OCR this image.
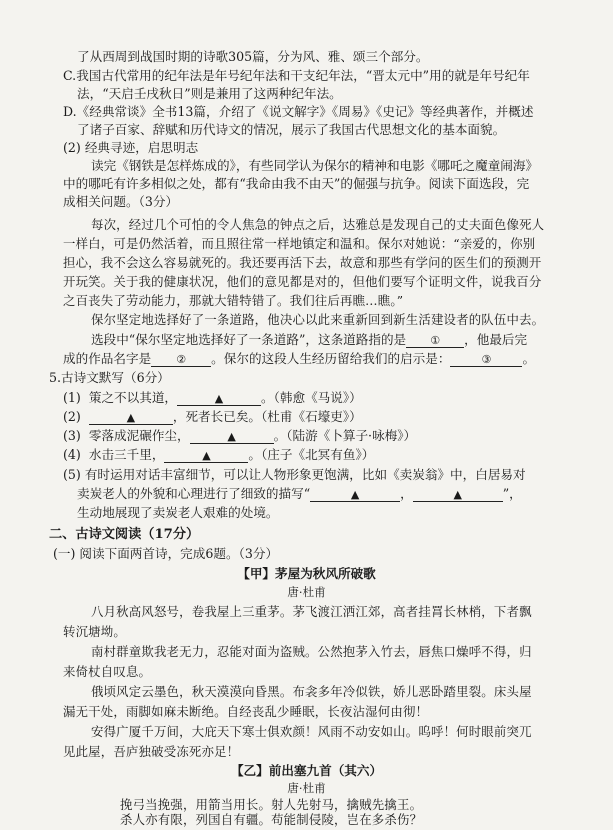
了从西周到战国时期的诗歌305篇，分为风、雅、颂三个部分。
C.我国古代常用的纪年法是年号纪年法和干支纪年法，“晋太元中”用的就是年号纪年
法，“天启壬戌秋日”则是兼用了这两种纪年法。
D.《经典常谈》全书13篇，介绍了《说文解字》《周易》《史记》等经典著作，并概述
了诸子百家、辞赋和历代诗文的情况，展示了我国古代思想文化的基本面貌。
(2) 经典寻迹，启思明志
读完《钢铁是怎样炼成的》，有些同学认为保尔的精神和电影《哪吒之魔童闹海》
中的哪吒有许多相似之处，都有“我命由我不由天”的倔强与抗争。阅读下面选段，完
成相关问题。（3分）
每次，经过几个可怕的令人焦急的钟点之后，达雅总是发现自己的丈夫面色像死人
一样白，可是仍然活着，而且照往常一样地镇定和温和。保尔对她说：“亲爱的，你别
担心，我不会这么容易就死的。我还要再活下去，故意和那些有学问的医生们的预测开
开玩笑。关于我的健康状况，他们的意见都是对的，但他们要写个证明文件，说我百分
之百丧失了劳动能力，那就大错特错了。我们往后再瞧…瞧。”
保尔坚定地选择好了一条道路，他决心以此来重新回到新生活建设者的队伍中去。
选段中“保尔坚定地选择好了一条道路”，这条道路指的是 ① ，他最后完
成的作品名字是 ② 。保尔的这段人生经历留给我们的启示是：	③ 。
5.古诗文默写（6分）
(1) 策之不以其道，	▲	。（韩愈《马说》）
(2)	▲	，死者长已矣。（杜甫《石壕吏》）
(3) 零落成泥碾作尘，	▲	。（陆游《卜算子·咏梅》）
(4) 水击三千里，	▲	。（庄子《北冥有鱼》）
(5) 有时运用对话丰富细节，可以让人物形象更饱满，比如《卖炭翁》中，白居易对
卖炭老人的外貌和心理进行了细致的描写“	▲	，	▲	”，
生动地展现了卖炭老人艰难的处境。
二、古诗文阅读（17分）
(一) 阅读下面两首诗，完成6题。（3分）
【甲】茅屋为秋风所破歌
唐·杜甫
八月秋高风怒号，卷我屋上三重茅。茅飞渡江洒江郊，高者挂罥长林梢，下者飘
转沉塘坳。
南村群童欺我老无力，忍能对面为盗贼。公然抱茅入竹去，唇焦口燥呼不得，归
来倚杖自叹息。
俄顷风定云墨色，秋天漠漠向昏黑。布衾多年冷似铁，娇儿恶卧踏里裂。床头屋
漏无干处，雨脚如麻未断绝。自经丧乱少睡眠，长夜沾湿何由彻！
安得广厦千万间，大庇天下寒士俱欢颜！风雨不动安如山。呜呼！何时眼前突兀
见此屋，吾庐独破受冻死亦足！
【乙】前出塞九首（其六）
唐·杜甫
挽弓当挽强，用箭当用长。射人先射马，擒贼先擒王。
杀人亦有限，列国自有疆。苟能制侵陵，岂在多杀伤？
